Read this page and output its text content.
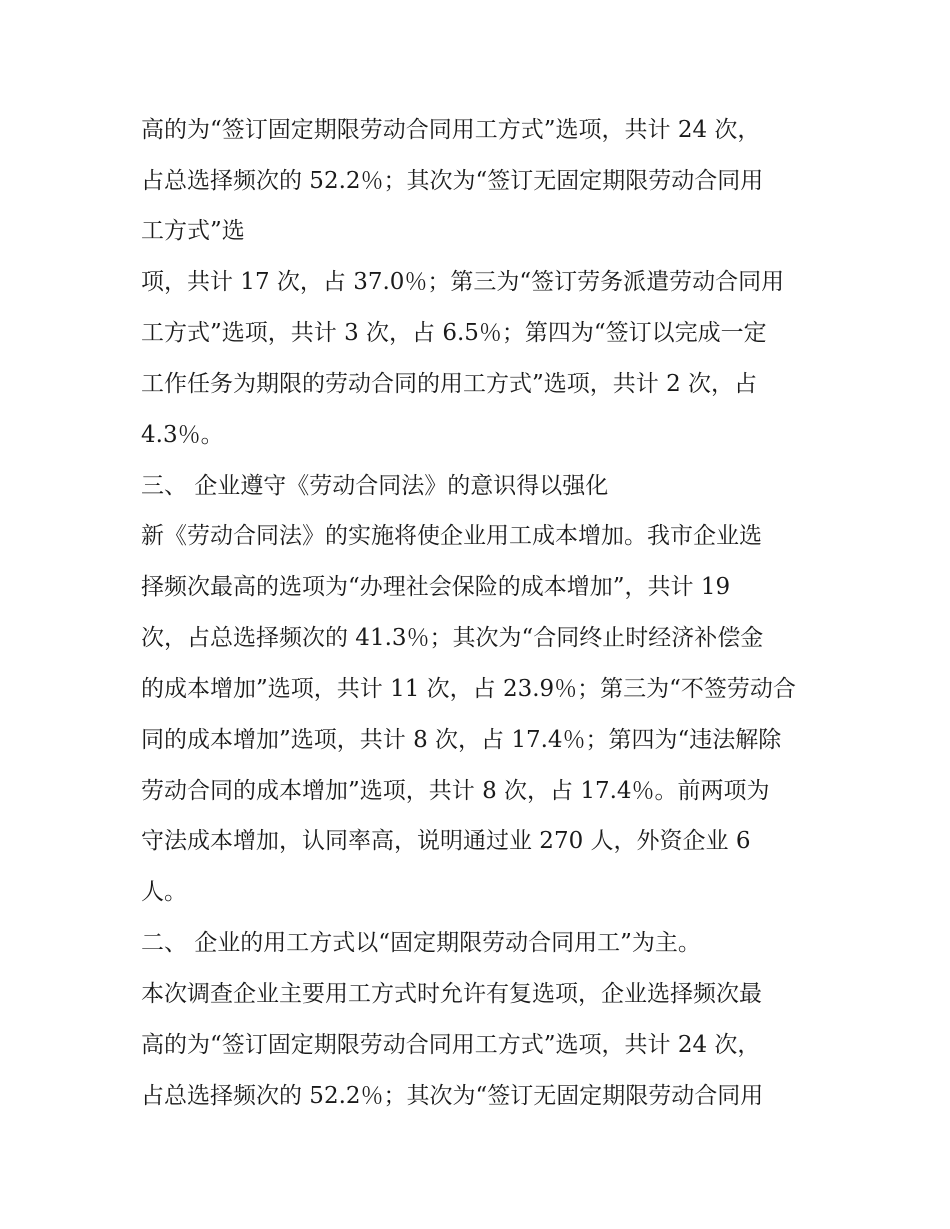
高的为“签订固定期限劳动合同用工方式”选项，共计 24 次，

占总选择频次的 52.2％；其次为“签订无固定期限劳动合同用

工方式”选

项，共计 17 次，占 37.0％；第三为“签订劳务派遣劳动合同用

工方式”选项，共计 3 次，占 6.5％；第四为“签订以完成一定

工作任务为期限的劳动合同的用工方式”选项，共计 2 次，占

4.3％。

三、 企业遵守《劳动合同法》的意识得以强化

新《劳动合同法》的实施将使企业用工成本增加。我市企业选

择频次最高的选项为“办理社会保险的成本增加”，共计 19

次，占总选择频次的 41.3％；其次为“合同终止时经济补偿金

的成本增加”选项，共计 11 次，占 23.9％；第三为“不签劳动合

同的成本增加”选项，共计 8 次，占 17.4％；第四为“违法解除

劳动合同的成本增加”选项，共计 8 次，占 17.4％。前两项为

守法成本增加，认同率高，说明通过业 270 人，外资企业 6

人。

二、 企业的用工方式以“固定期限劳动合同用工”为主。

本次调查企业主要用工方式时允许有复选项，企业选择频次最

高的为“签订固定期限劳动合同用工方式”选项，共计 24 次，

占总选择频次的 52.2％；其次为“签订无固定期限劳动合同用
